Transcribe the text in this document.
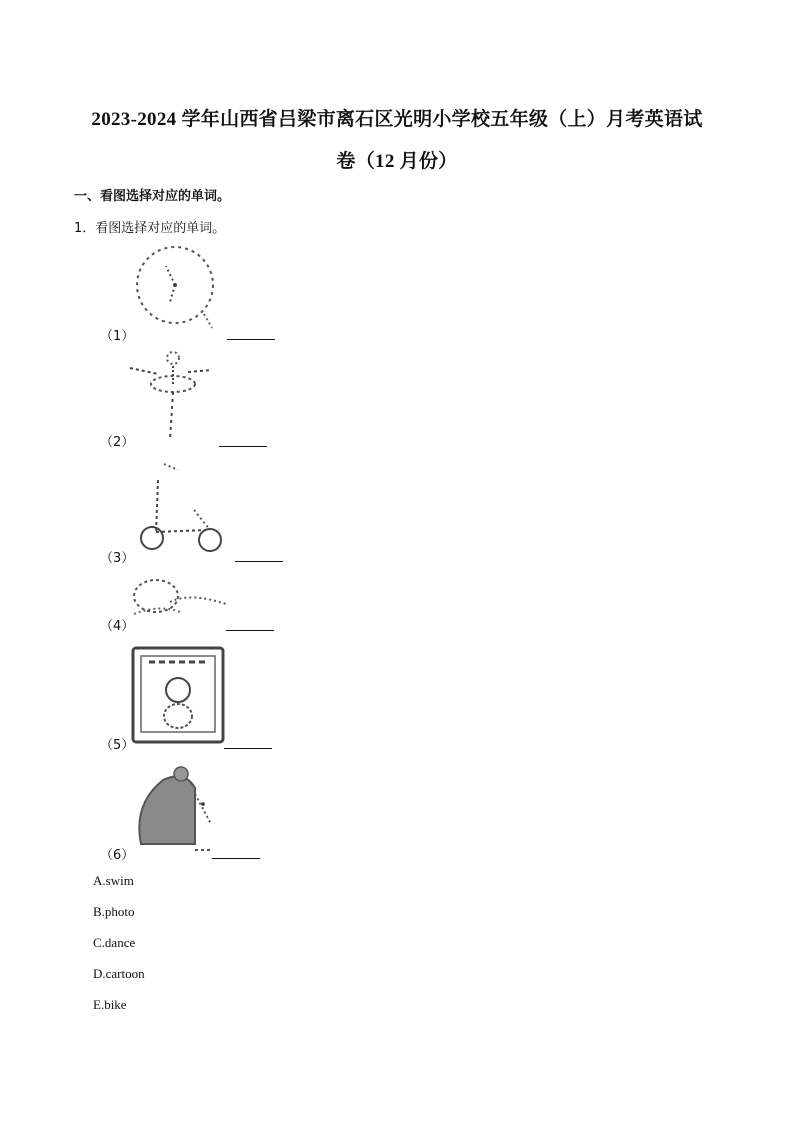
2023-2024 学年山西省吕梁市离石区光明小学校五年级（上）月考英语试
卷（12 月份）
一、看图选择对应的单词。
1．看图选择对应的单词。
（1）
（2）
（3）
（4）
（5）
（6）
A.swim
B.photo
C.dance
D.cartoon
E.bike
